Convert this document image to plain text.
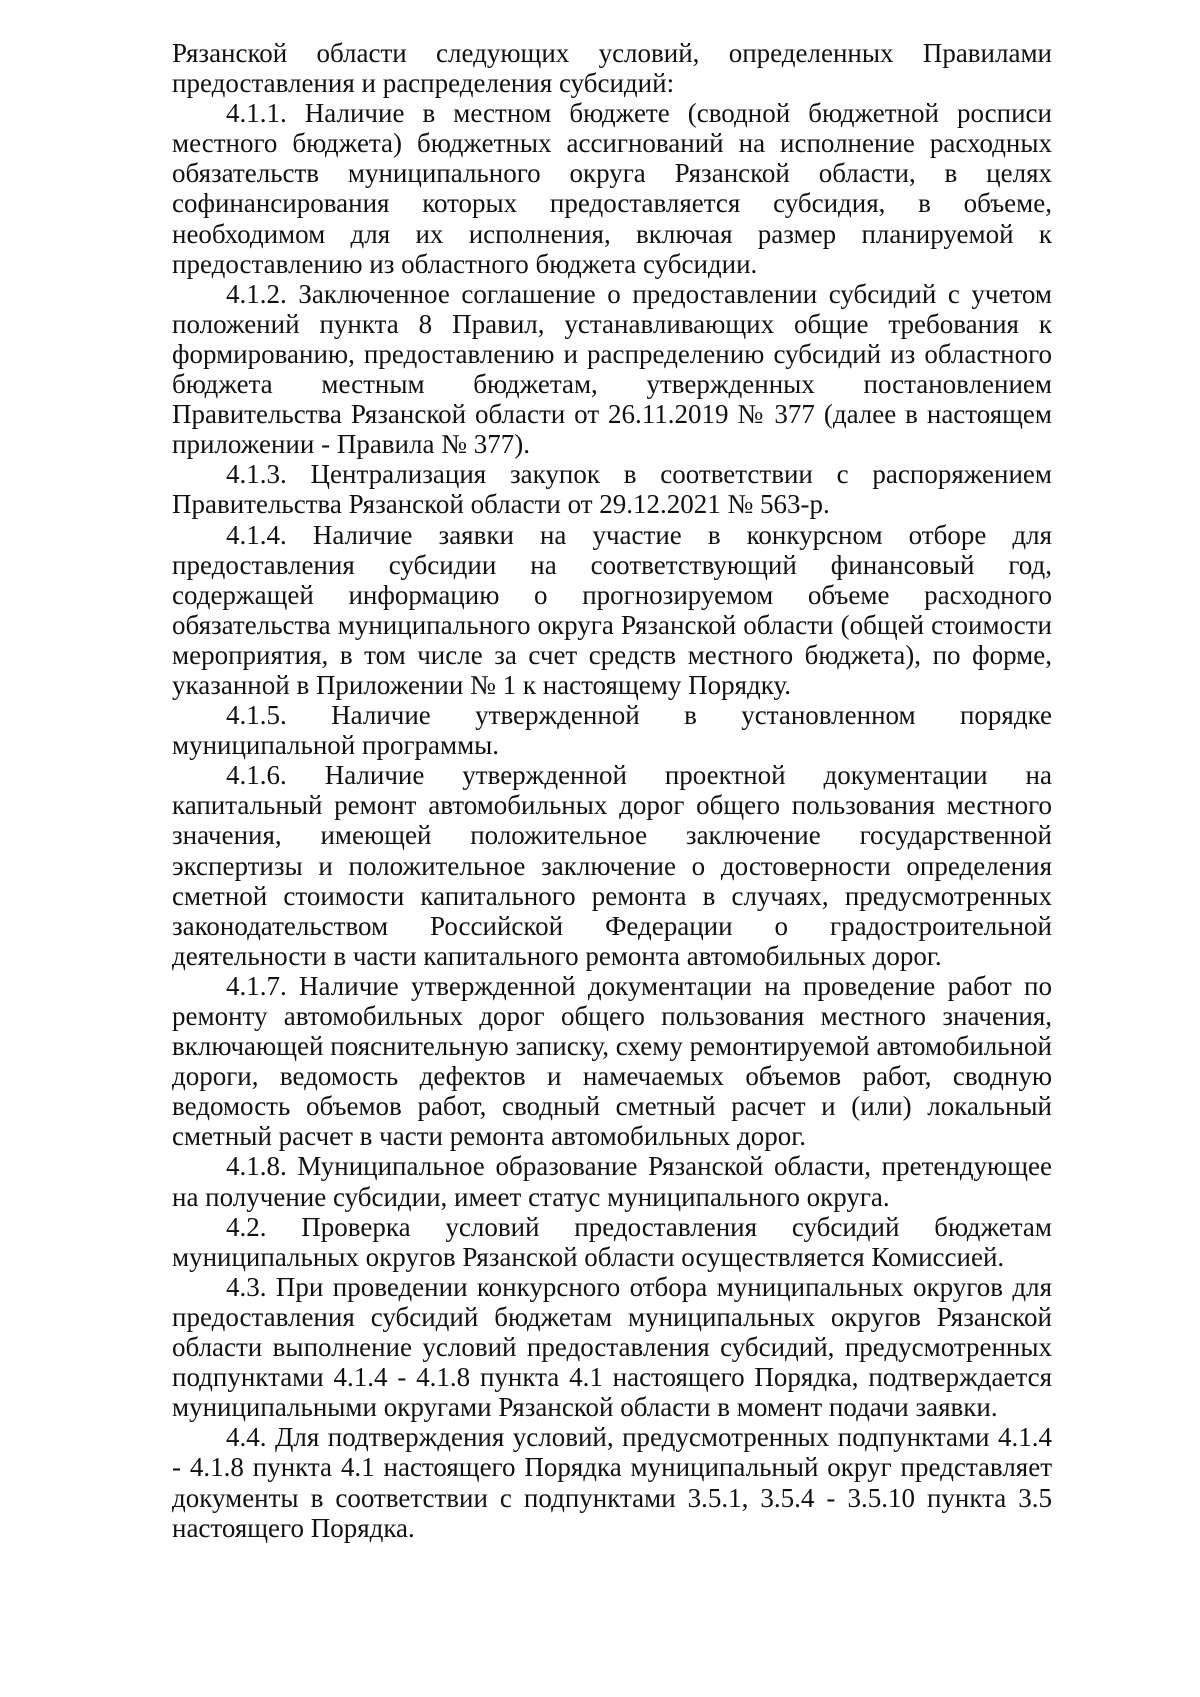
Рязанской области следующих условий, определенных Правилами предоставления и распределения субсидий:

4.1.1. Наличие в местном бюджете (сводной бюджетной росписи местного бюджета) бюджетных ассигнований на исполнение расходных обязательств муниципального округа Рязанской области, в целях софинансирования которых предоставляется субсидия, в объеме, необходимом для их исполнения, включая размер планируемой к предоставлению из областного бюджета субсидии.

4.1.2. Заключенное соглашение о предоставлении субсидий с учетом положений пункта 8 Правил, устанавливающих общие требования к формированию, предоставлению и распределению субсидий из областного бюджета местным бюджетам, утвержденных постановлением Правительства Рязанской области от 26.11.2019 № 377 (далее в настоящем приложении - Правила № 377).

4.1.3. Централизация закупок в соответствии с распоряжением Правительства Рязанской области от 29.12.2021 № 563-р.

4.1.4. Наличие заявки на участие в конкурсном отборе для предоставления субсидии на соответствующий финансовый год, содержащей информацию о прогнозируемом объеме расходного обязательства муниципального округа Рязанской области (общей стоимости мероприятия, в том числе за счет средств местного бюджета), по форме, указанной в Приложении № 1 к настоящему Порядку.

4.1.5. Наличие утвержденной в установленном порядке муниципальной программы.

4.1.6. Наличие утвержденной проектной документации на капитальный ремонт автомобильных дорог общего пользования местного значения, имеющей положительное заключение государственной экспертизы и положительное заключение о достоверности определения сметной стоимости капитального ремонта в случаях, предусмотренных законодательством Российской Федерации о градостроительной деятельности в части капитального ремонта автомобильных дорог.

4.1.7. Наличие утвержденной документации на проведение работ по ремонту автомобильных дорог общего пользования местного значения, включающей пояснительную записку, схему ремонтируемой автомобильной дороги, ведомость дефектов и намечаемых объемов работ, сводную ведомость объемов работ, сводный сметный расчет и (или) локальный сметный расчет в части ремонта автомобильных дорог.

4.1.8. Муниципальное образование Рязанской области, претендующее на получение субсидии, имеет статус муниципального округа.

4.2. Проверка условий предоставления субсидий бюджетам муниципальных округов Рязанской области осуществляется Комиссией.

4.3. При проведении конкурсного отбора муниципальных округов для предоставления субсидий бюджетам муниципальных округов Рязанской области выполнение условий предоставления субсидий, предусмотренных подпунктами 4.1.4 - 4.1.8 пункта 4.1 настоящего Порядка, подтверждается муниципальными округами Рязанской области в момент подачи заявки.

4.4. Для подтверждения условий, предусмотренных подпунктами 4.1.4 - 4.1.8 пункта 4.1 настоящего Порядка муниципальный округ представляет документы в соответствии с подпунктами 3.5.1, 3.5.4 - 3.5.10 пункта 3.5 настоящего Порядка.
